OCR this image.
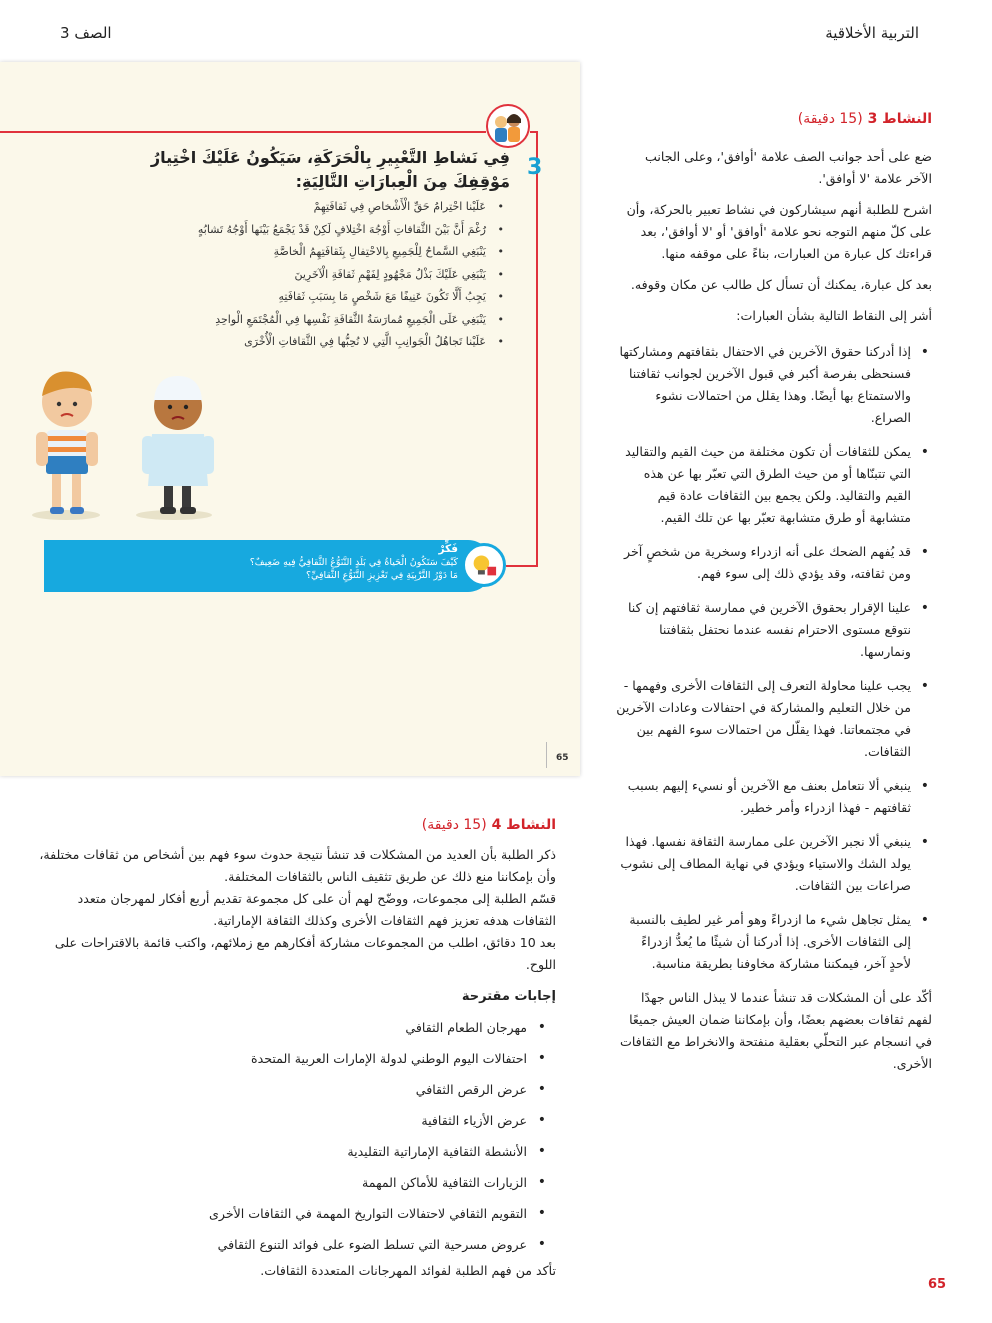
التربية الأخلاقية
الصف 3
النشاط 3 (15 دقيقة)

ضع على أحد جوانب الصف علامة 'أوافق'، وعلى الجانب الآخر علامة 'لا أوافق'.

اشرح للطلبة أنهم سيشاركون في نشاط تعبير بالحركة، وأن على كلّ منهم التوجه نحو علامة 'أوافق' أو 'لا أوافق'، بعد قراءتك كل عبارة من العبارات، بناءً على موقفه منها.

بعد كل عبارة، يمكنك أن تسأل كل طالب عن مكان وقوفه.

أشر إلى النقاط التالية بشأن العبارات:

• إذا أدركنا حقوق الآخرين في الاحتفال بثقافتهم ومشاركتها فسنحظى بفرصة أكبر في قبول الآخرين لجوانب ثقافتنا والاستمتاع بها أيضًا. وهذا يقلل من احتمالات نشوء الصراع.
• يمكن للثقافات أن تكون مختلفة من حيث القيم والتقاليد التي تتبنّاها أو من حيث الطرق التي تعبّر بها عن هذه القيم والتقاليد. ولكن يجمع بين الثقافات عادة قيم متشابهة أو طرق متشابهة تعبّر بها عن تلك القيم.
• قد يُفهم الضحك على أنه ازدراء وسخرية من شخصٍ آخر ومن ثقافته، وقد يؤدي ذلك إلى سوء فهم.
• علينا الإقرار بحقوق الآخرين في ممارسة ثقافتهم إن كنا نتوقع مستوى الاحترام نفسه عندما نحتفل بثقافتنا ونمارسها.
• يجب علينا محاولة التعرف إلى الثقافات الأخرى وفهمها - من خلال التعليم والمشاركة في احتفالات وعادات الآخرين في مجتمعاتنا. فهذا يقلّل من احتمالات سوء الفهم بين الثقافات.
• ينبغي ألا نتعامل بعنف مع الآخرين أو نسيء إليهم بسبب ثقافتهم - فهذا ازدراء وأمر خطير.
• ينبغي ألا نجبر الآخرين على ممارسة الثقافة نفسها. فهذا يولد الشك والاستياء ويؤدي في نهاية المطاف إلى نشوب صراعات بين الثقافات.
• يمثل تجاهل شيء ما ازدراءً وهو أمر غير لطيف بالنسبة إلى الثقافات الأخرى. إذا أدركنا أن شيئًا ما يُعدُّ ازدراءً لأحدٍ آخر، فيمكننا مشاركة مخاوفنا بطريقة مناسبة.

أكّد على أن المشكلات قد تنشأ عندما لا يبذل الناس جهدًا لفهم ثقافات بعضهم بعضًا، وأن بإمكاننا ضمان العيش جميعًا في انسجام عبر التحلّي بعقلية منفتحة والانخراط مع الثقافات الأخرى.

3
فِي نَشاطِ التَّعْبِيرِ بِالْحَرَكَةِ، سَيَكُونُ عَلَيْكَ اخْتِيارُ مَوْقِفِكَ مِنَ الْعِبارَاتِ التَّالِيَةِ:
• عَلَيْنا احْتِرامُ حَقِّ الْأَشْخاصِ فِي ثَقافَتِهِمْ
• رُغْمَ أَنَّ بَيْنَ الثَّقافاتِ أَوْجُهَ اخْتِلافٍ لَكِنْ قَدْ يَجْمَعُ بَيْنَها أَوْجُهُ تَشابُهٍ
• يَنْبَغِي السَّماحُ لِلْجَمِيعِ بِالاحْتِفالِ بِثَقافَتِهِمُ الْخاصَّةِ
• يَنْبَغِي عَلَيْكَ بَذْلُ مَجْهُودٍ لِفَهْمِ ثَقافَةِ الْآخَرِينَ
• يَجِبُ أَلَّا تَكُونَ عَنِيفًا مَعَ شَخْصٍ مَا بِسَبَبِ ثَقافَتِهِ
• يَنْبَغِي عَلَى الْجَمِيعِ مُمارَسَةُ الثَّقافَةِ نَفْسِها فِي الْمُجْتَمَعِ الْواحِدِ
• عَلَيْنا تَجاهُلُ الْجَوانِبِ الَّتِي لا نُحِبُّها فِي الثَّقافاتِ الْأُخْرَى
فَكِّرْ
كَيْفَ سَتَكُونُ الْحَياةُ فِي بَلَدٍ التَّنَوُّعُ الثَّقافِيُّ فِيهِ ضَعِيفٌ؟
مَا دَوْرُ التَّرْبِيَةِ فِي تَعْزِيزِ التَّنَوُّعِ الثَّقافِيِّ؟
65
النشاط 4 (15 دقيقة)

ذكر الطلبة بأن العديد من المشكلات قد تنشأ نتيجة حدوث سوء فهم بين أشخاص من ثقافات مختلفة، وأن بإمكاننا منع ذلك عن طريق تثقيف الناس بالثقافات المختلفة.

قسّم الطلبة إلى مجموعات، ووضّح لهم أن على كل مجموعة تقديم أربع أفكار لمهرجان متعدد الثقافات هدفه تعزيز فهم الثقافات الأخرى وكذلك الثقافة الإماراتية.

بعد 10 دقائق، اطلب من المجموعات مشاركة أفكارهم مع زملائهم، واكتب قائمة بالاقتراحات على اللوح.

إجابات مقترحة
• مهرجان الطعام الثقافي
• احتفالات اليوم الوطني لدولة الإمارات العربية المتحدة
• عرض الرقص الثقافي
• عرض الأزياء الثقافية
• الأنشطة الثقافية الإماراتية التقليدية
• الزيارات الثقافية للأماكن المهمة
• التقويم الثقافي لاحتفالات التواريخ المهمة في الثقافات الأخرى
• عروض مسرحية التي تسلط الضوء على فوائد التنوع الثقافي

تأكد من فهم الطلبة لفوائد المهرجانات المتعددة الثقافات.

65
